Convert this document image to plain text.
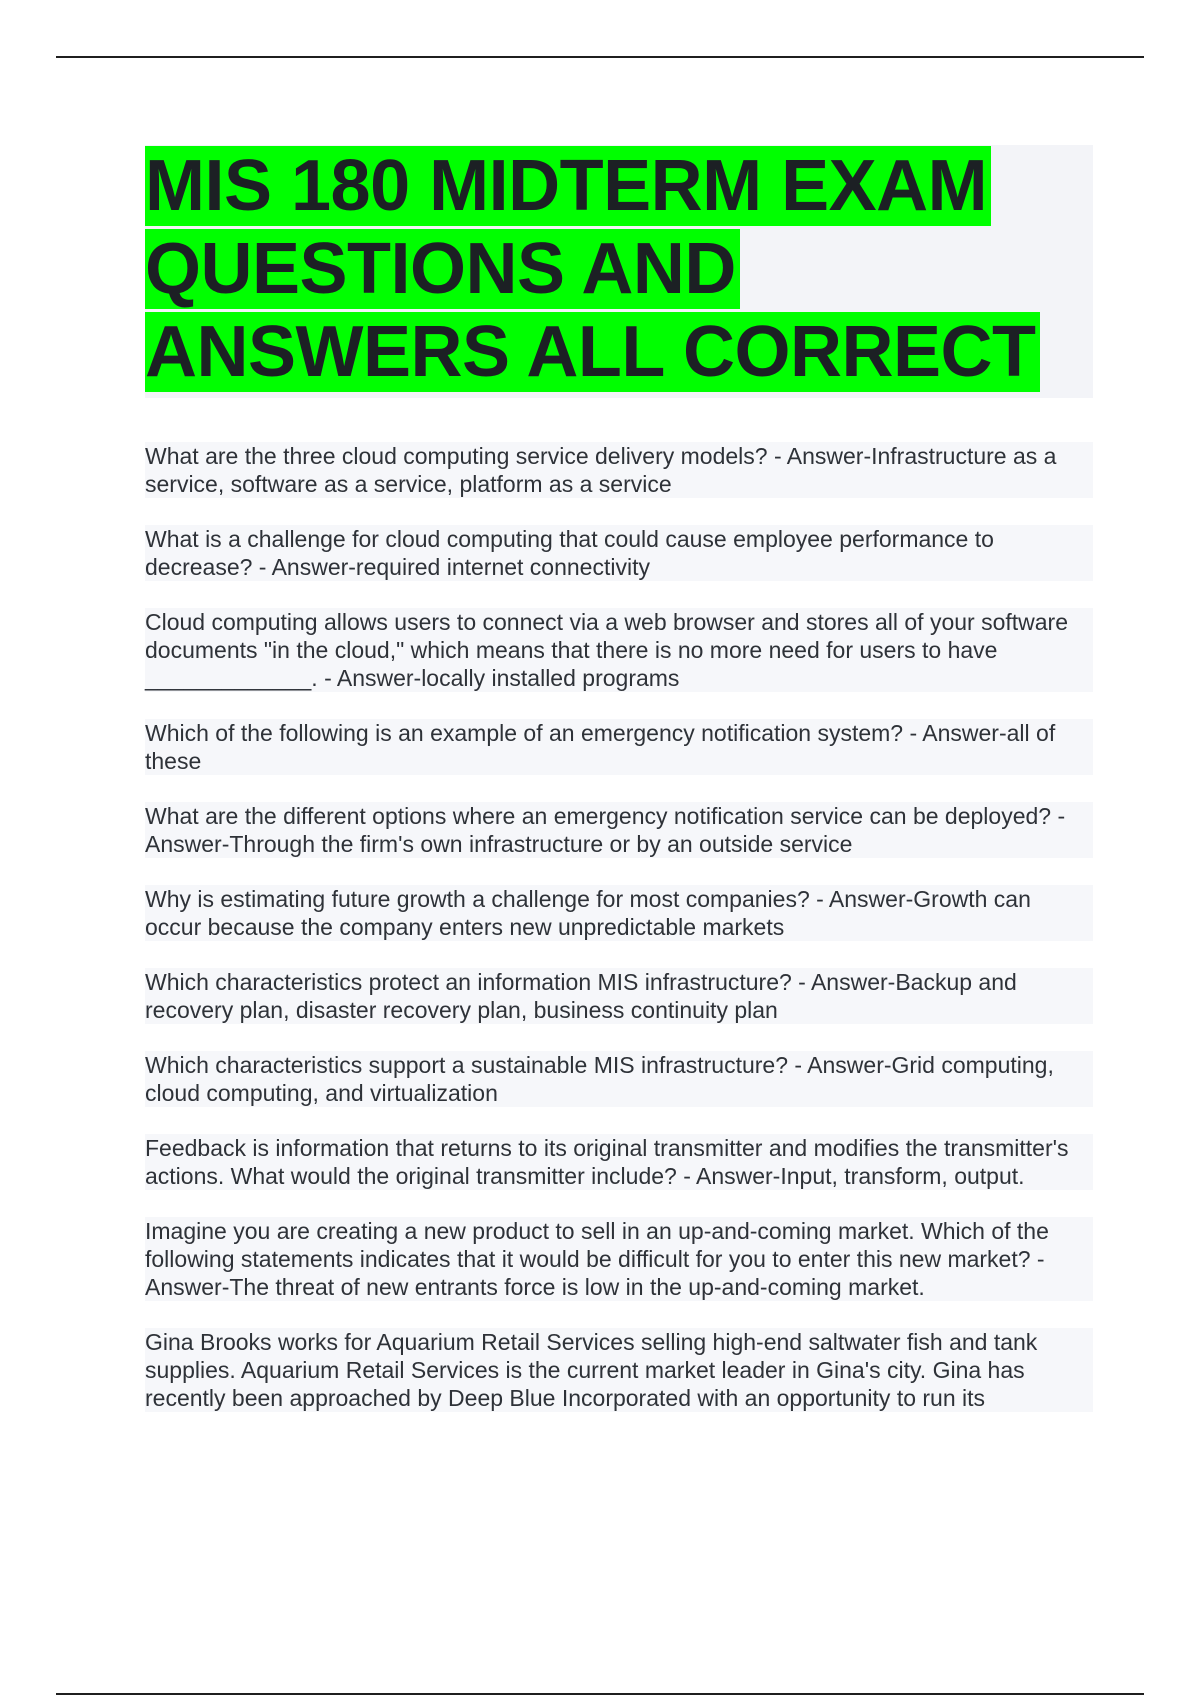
MIS 180 MIDTERM EXAM QUESTIONS AND ANSWERS ALL CORRECT

What are the three cloud computing service delivery models? - Answer-Infrastructure as a service, software as a service, platform as a service

What is a challenge for cloud computing that could cause employee performance to decrease? - Answer-required internet connectivity

Cloud computing allows users to connect via a web browser and stores all of your software documents "in the cloud," which means that there is no more need for users to have _____________. - Answer-locally installed programs

Which of the following is an example of an emergency notification system? - Answer-all of these

What are the different options where an emergency notification service can be deployed? - Answer-Through the firm's own infrastructure or by an outside service

Why is estimating future growth a challenge for most companies? - Answer-Growth can occur because the company enters new unpredictable markets

Which characteristics protect an information MIS infrastructure? - Answer-Backup and recovery plan, disaster recovery plan, business continuity plan

Which characteristics support a sustainable MIS infrastructure? - Answer-Grid computing, cloud computing, and virtualization

Feedback is information that returns to its original transmitter and modifies the transmitter's actions. What would the original transmitter include? - Answer-Input, transform, output.

Imagine you are creating a new product to sell in an up-and-coming market. Which of the following statements indicates that it would be difficult for you to enter this new market? - Answer-The threat of new entrants force is low in the up-and-coming market.

Gina Brooks works for Aquarium Retail Services selling high-end saltwater fish and tank supplies. Aquarium Retail Services is the current market leader in Gina's city. Gina has recently been approached by Deep Blue Incorporated with an opportunity to run its
